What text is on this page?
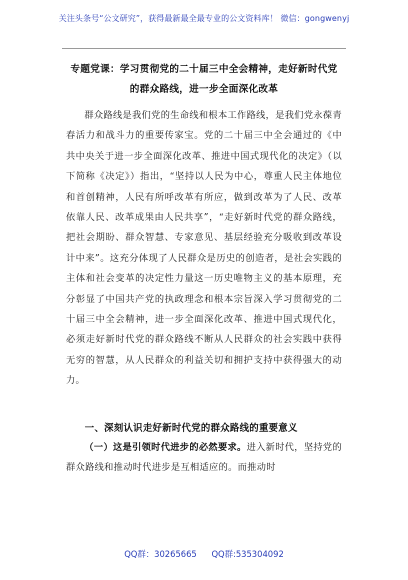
关注头条号“公文研究”，获得最新最全最专业的公文资料库！ 微信：gongwenyj
专题党课：学习贯彻党的二十届三中全会精神，走好新时代党的群众路线，进一步全面深化改革

群众路线是我们党的生命线和根本工作路线，是我们党永葆青春活力和战斗力的重要传家宝。党的二十届三中全会通过的《中共中央关于进一步全面深化改革、推进中国式现代化的决定》（以下简称《决定》）指出，“坚持以人民为中心，尊重人民主体地位和首创精神，人民有所呼改革有所应，做到改革为了人民、改革依靠人民、改革成果由人民共享”，“走好新时代党的群众路线，把社会期盼、群众智慧、专家意见、基层经验充分吸收到改革设计中来”。这充分体现了人民群众是历史的创造者，是社会实践的主体和社会变革的决定性力量这一历史唯物主义的基本原理，充分彰显了中国共产党的执政理念和根本宗旨深入学习贯彻党的二十届三中全会精神，进一步全面深化改革、推进中国式现代化，必须走好新时代党的群众路线不断从人民群众的社会实践中获得无穷的智慧，从人民群众的利益关切和拥护支持中获得强大的动力。

一、深刻认识走好新时代党的群众路线的重要意义

（一）这是引领时代进步的必然要求。进入新时代，坚持党的群众路线和推动时代进步是互相适应的。而推动时

QQ群：30265665 QQ群:535304092
